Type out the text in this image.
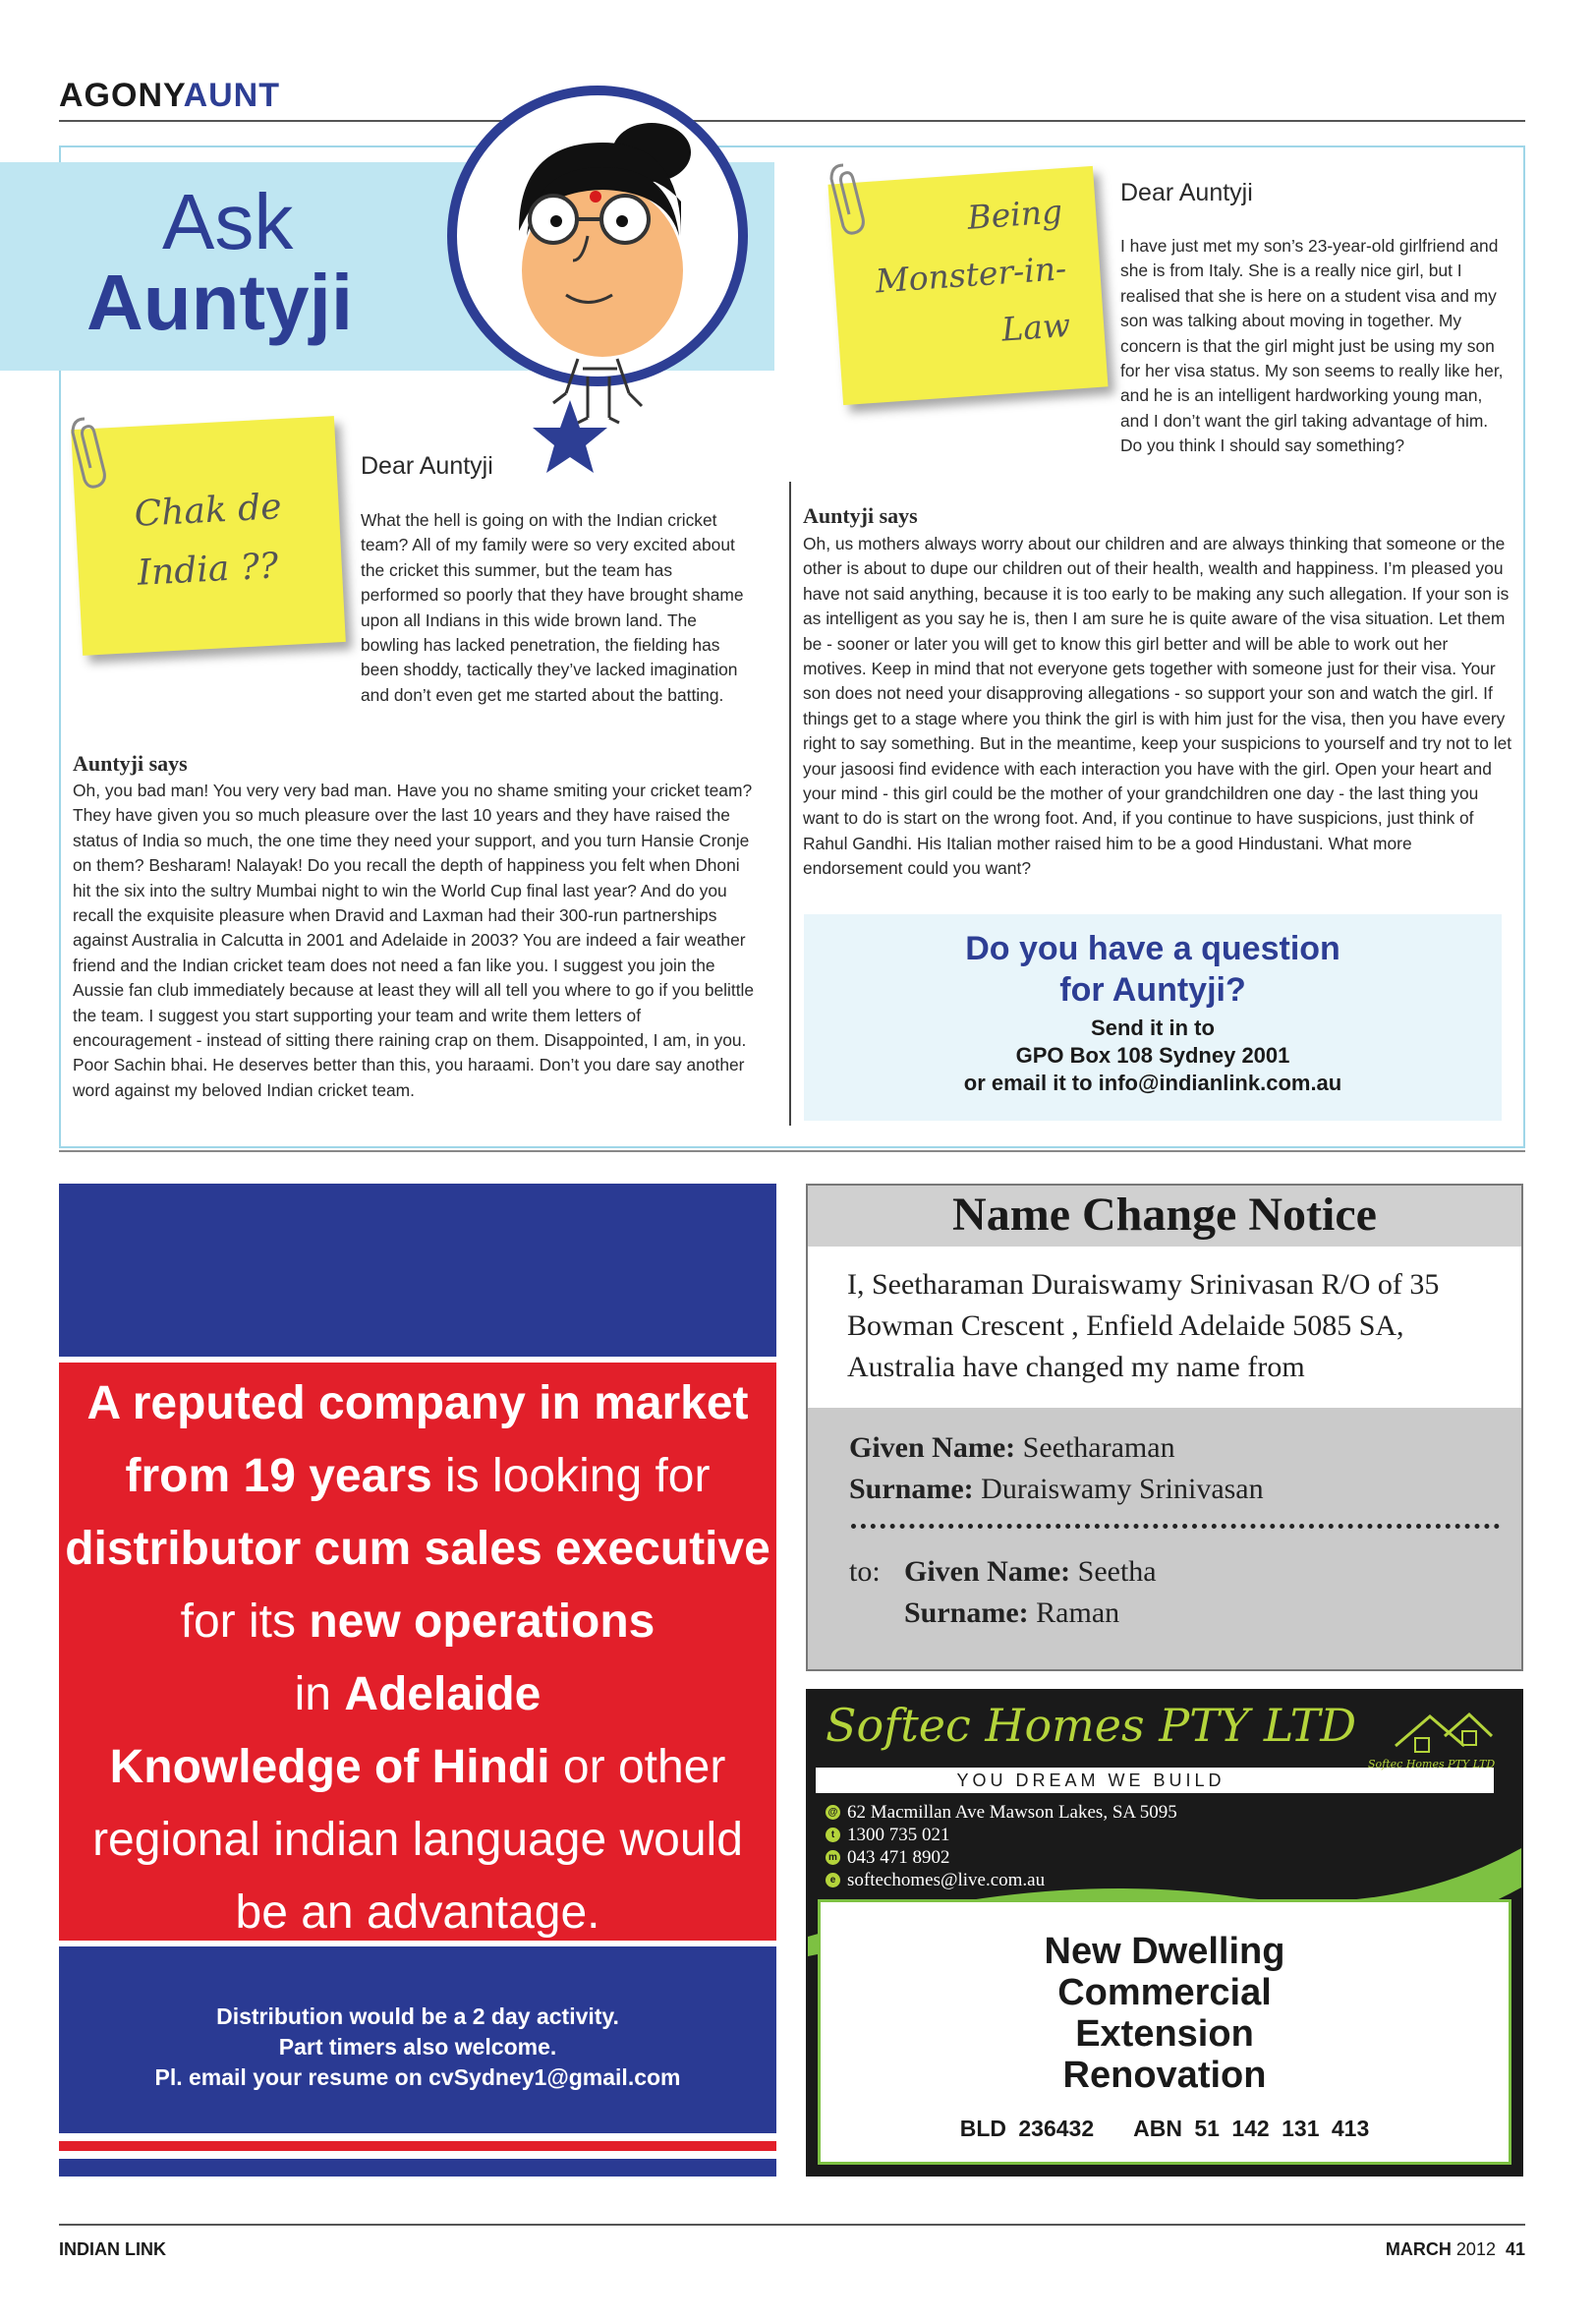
AGONYAUNT
Ask
Auntyji
Chak de
India ??
Dear Auntyji
What the hell is going on with the Indian cricket team? All of my family were so very excited about the cricket this summer, but the team has performed so poorly that they have brought shame upon all Indians in this wide brown land. The bowling has lacked penetration, the fielding has been shoddy, tactically they’ve lacked imagination and don’t even get me started about the batting.
Auntyji says
Oh, you bad man! You very very bad man. Have you no shame smiting your cricket team? They have given you so much pleasure over the last 10 years and they have raised the status of India so much, the one time they need your support, and you turn Hansie Cronje on them? Besharam! Nalayak! Do you recall the depth of happiness you felt when Dhoni hit the six into the sultry Mumbai night to win the World Cup final last year? And do you recall the exquisite pleasure when Dravid and Laxman had their 300-run partnerships against Australia in Calcutta in 2001 and Adelaide in 2003? You are indeed a fair weather friend and the Indian cricket team does not need a fan like you. I suggest you join the Aussie fan club immediately because at least they will all tell you where to go if you belittle the team. I suggest you start supporting your team and write them letters of encouragement - instead of sitting there raining crap on them. Disappointed, I am, in you. Poor Sachin bhai. He deserves better than this, you haraami. Don’t you dare say another word against my beloved Indian cricket team.
Being
Monster-in-
Law
Dear Auntyji
I have just met my son’s 23-year-old girlfriend and she is from Italy. She is a really nice girl, but I realised that she is here on a student visa and my son was talking about moving in together. My concern is that the girl might just be using my son for her visa status. My son seems to really like her, and he is an intelligent hardworking young man, and I don’t want the girl taking advantage of him. Do you think I should say something?
Auntyji says
Oh, us mothers always worry about our children and are always thinking that someone or the other is about to dupe our children out of their health, wealth and happiness. I’m pleased you have not said anything, because it is too early to be making any such allegation. If your son is as intelligent as you say he is, then I am sure he is quite aware of the visa situation. Let them be - sooner or later you will get to know this girl better and will be able to work out her motives. Keep in mind that not everyone gets together with someone just for their visa. Your son does not need your disapproving allegations - so support your son and watch the girl. If things get to a stage where you think the girl is with him just for the visa, then you have every right to say something. But in the meantime, keep your suspicions to yourself and try not to let your jasoosi find evidence with each interaction you have with the girl. Open your heart and your mind - this girl could be the mother of your grandchildren one day - the last thing you want to do is start on the wrong foot. And, if you continue to have suspicions, just think of Rahul Gandhi. His Italian mother raised him to be a good Hindustani. What more endorsement could you want?
Do you have a question
for Auntyji?
Send it in to
GPO Box 108 Sydney 2001
or email it to info@indianlink.com.au
A reputed company in market
from 19 years is looking for
distributor cum sales executive
for its new operations
in Adelaide
Knowledge of Hindi or other
regional indian language would
be an advantage.
Distribution would be a 2 day activity.
Part timers also welcome.
Pl. email your resume on cvSydney1@gmail.com
Name Change Notice
I, Seetharaman Duraiswamy Srinivasan R/O of 35 Bowman Crescent , Enfield Adelaide 5085 SA, Australia have changed my name from
Given Name: Seetharaman
Surname: Duraiswamy Srinivasan
to: Given Name: Seetha
Surname: Raman
Softec Homes PTY LTD
YOU DREAM WE BUILD
Softec Homes PTY LTD
@ 62 Macmillan Ave Mawson Lakes, SA 5095
t 1300 735 021
m 043 471 8902
e softechomes@live.com.au
New Dwelling
Commercial
Extension
Renovation
BLD 236432 ABN 51 142 131 413
INDIAN LINK	MARCH 2012 41
